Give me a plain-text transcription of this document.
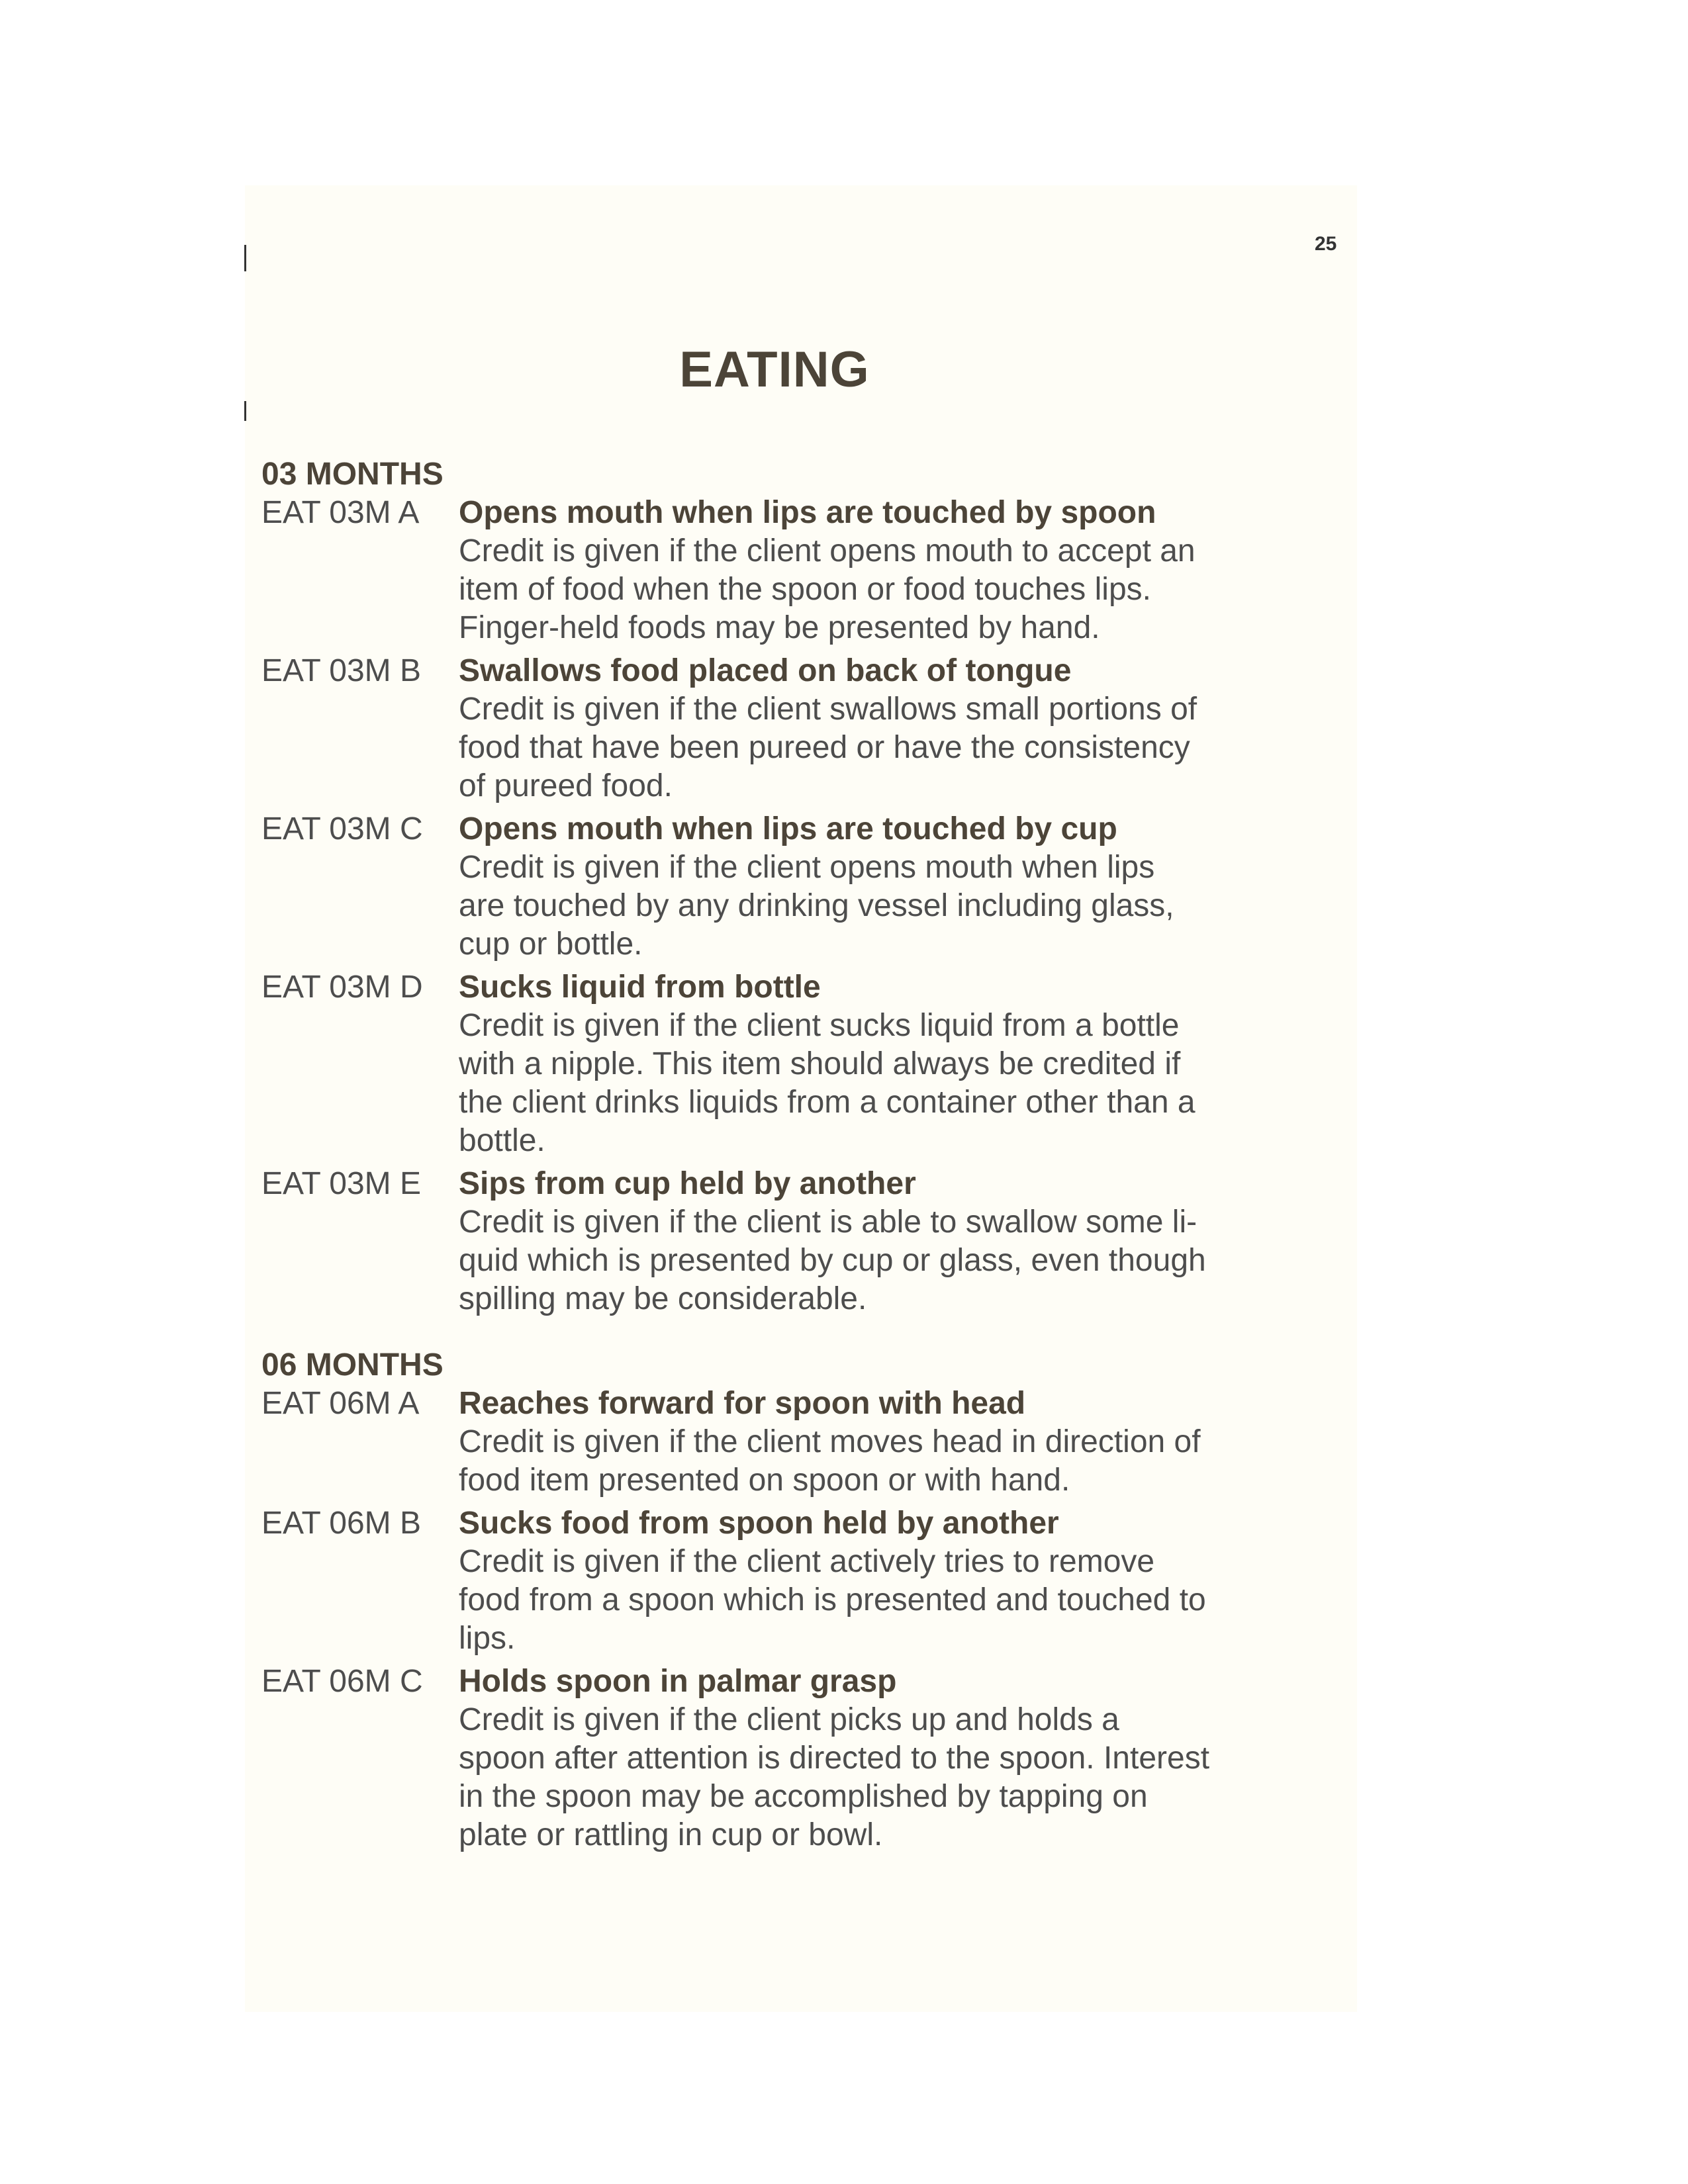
25
EATING
03 MONTHS
EAT 03M A	Opens mouth when lips are touched by spoon
Credit is given if the client opens mouth to accept an
item of food when the spoon or food touches lips.
Finger-held foods may be presented by hand.
EAT 03M B	Swallows food placed on back of tongue
Credit is given if the client swallows small portions of
food that have been pureed or have the consistency
of pureed food.
EAT 03M C	Opens mouth when lips are touched by cup
Credit is given if the client opens mouth when lips
are touched by any drinking vessel including glass,
cup or bottle.
EAT 03M D	Sucks liquid from bottle
Credit is given if the client sucks liquid from a bottle
with a nipple. This item should always be credited if
the client drinks liquids from a container other than a
bottle.
EAT 03M E	Sips from cup held by another
Credit is given if the client is able to swallow some li-
quid which is presented by cup or glass, even though
spilling may be considerable.
06 MONTHS
EAT 06M A	Reaches forward for spoon with head
Credit is given if the client moves head in direction of
food item presented on spoon or with hand.
EAT 06M B	Sucks food from spoon held by another
Credit is given if the client actively tries to remove
food from a spoon which is presented and touched to
lips.
EAT 06M C	Holds spoon in palmar grasp
Credit is given if the client picks up and holds a
spoon after attention is directed to the spoon. Interest
in the spoon may be accomplished by tapping on
plate or rattling in cup or bowl.
